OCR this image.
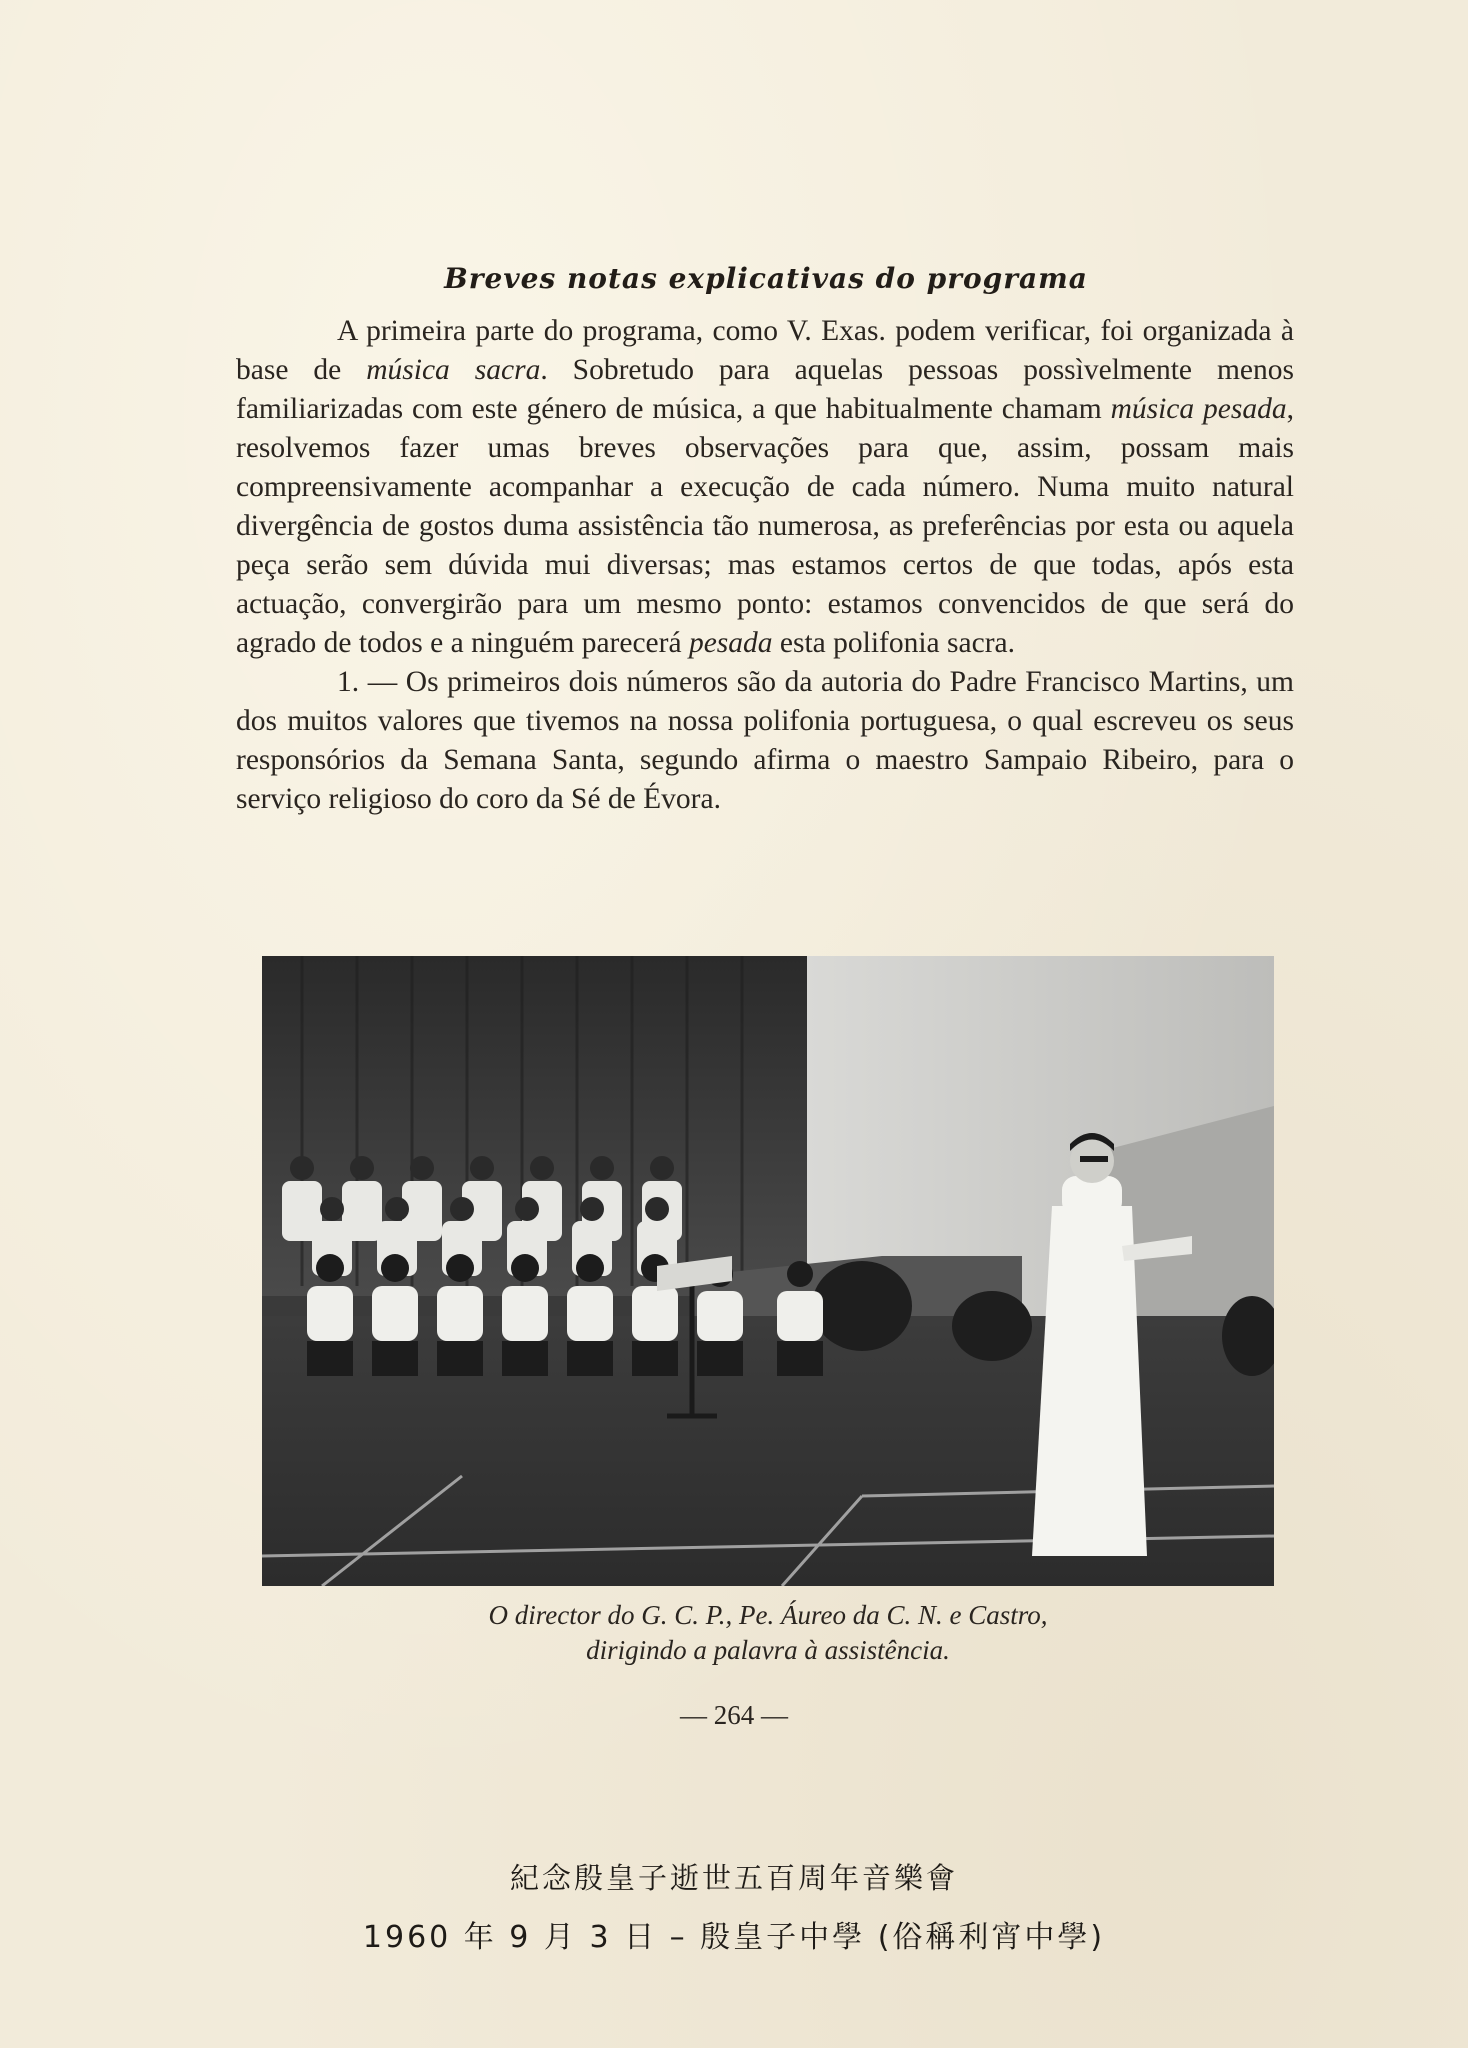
Breves notas explicativas do programa

A primeira parte do programa, como V. Exas. podem verificar, foi organizada à base de música sacra. Sobretudo para aquelas pessoas possìvelmente menos familiarizadas com este género de música, a que habitualmente chamam música pesada, resolvemos fazer umas breves observações para que, assim, possam mais compreensivamente acompanhar a execução de cada número. Numa muito natural divergência de gostos duma assistência tão numerosa, as preferências por esta ou aquela peça serão sem dúvida mui diversas; mas estamos certos de que todas, após esta actuação, convergirão para um mesmo ponto: estamos convencidos de que será do agrado de todos e a ninguém parecerá pesada esta polifonia sacra.

1. — Os primeiros dois números são da autoria do Padre Francisco Martins, um dos muitos valores que tivemos na nossa polifonia portuguesa, o qual escreveu os seus responsórios da Semana Santa, segundo afirma o maestro Sampaio Ribeiro, para o serviço religioso do coro da Sé de Évora.

O director do G. C. P., Pe. Áureo da C. N. e Castro,
dirigindo a palavra à assistência.
— 264 —
紀念殷皇子逝世五百周年音樂會
1960 年 9 月 3 日 – 殷皇子中學 (俗稱利宵中學)
